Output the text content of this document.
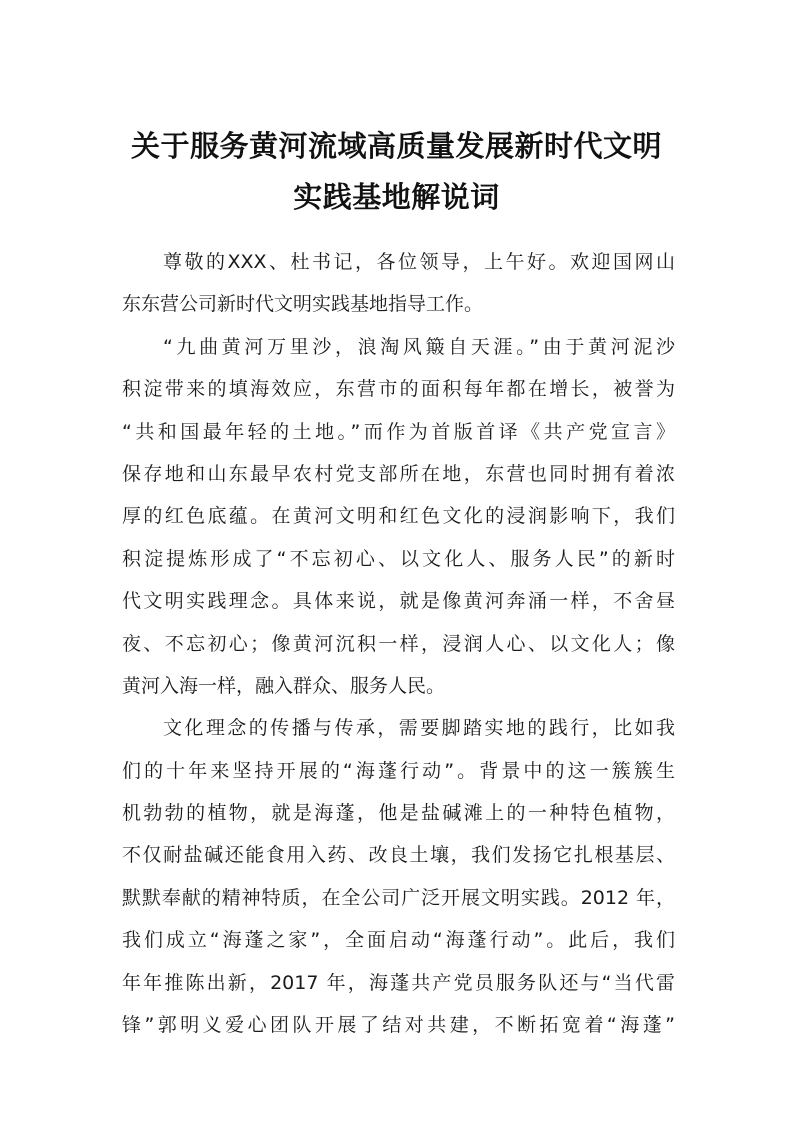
关于服务黄河流域高质量发展新时代文明
实践基地解说词
尊敬的XXX、杜书记，各位领导，上午好。欢迎国网山
东东营公司新时代文明实践基地指导工作。
“九曲黄河万里沙，浪淘风簸自天涯。”由于黄河泥沙
积淀带来的填海效应，东营市的面积每年都在增长，被誉为
“共和国最年轻的土地。”而作为首版首译《共产党宣言》
保存地和山东最早农村党支部所在地，东营也同时拥有着浓
厚的红色底蕴。在黄河文明和红色文化的浸润影响下，我们
积淀提炼形成了“不忘初心、以文化人、服务人民”的新时
代文明实践理念。具体来说，就是像黄河奔涌一样，不舍昼
夜、不忘初心；像黄河沉积一样，浸润人心、以文化人；像
黄河入海一样，融入群众、服务人民。
文化理念的传播与传承，需要脚踏实地的践行，比如我
们的十年来坚持开展的“海蓬行动”。背景中的这一簇簇生
机勃勃的植物，就是海蓬，他是盐碱滩上的一种特色植物，
不仅耐盐碱还能食用入药、改良土壤，我们发扬它扎根基层、
默默奉献的精神特质，在全公司广泛开展文明实践。2012 年，
我们成立“海蓬之家”，全面启动“海蓬行动”。此后，我们
年年推陈出新，2017 年，海蓬共产党员服务队还与“当代雷
锋”郭明义爱心团队开展了结对共建，不断拓宽着“海蓬”
